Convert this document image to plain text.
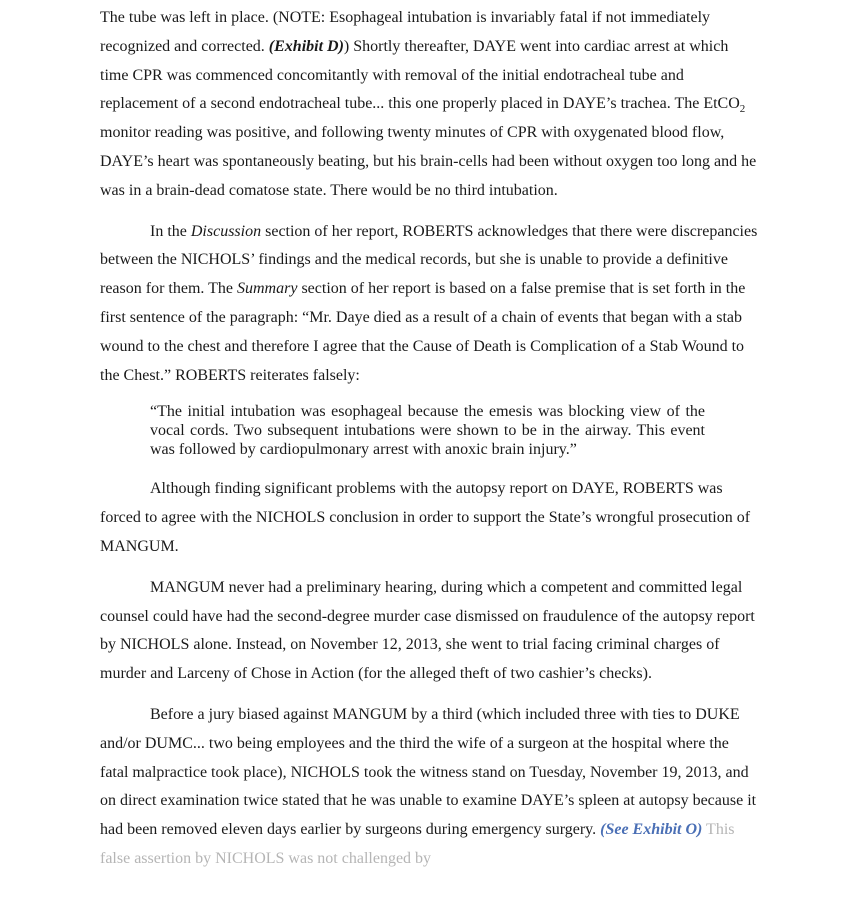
The tube was left in place. (NOTE: Esophageal intubation is invariably fatal if not immediately recognized and corrected. (Exhibit D)) Shortly thereafter, DAYE went into cardiac arrest at which time CPR was commenced concomitantly with removal of the initial endotracheal tube and replacement of a second endotracheal tube... this one properly placed in DAYE’s trachea. The EtCO$_2$ monitor reading was positive, and following twenty minutes of CPR with oxygenated blood flow, DAYE’s heart was spontaneously beating, but his brain-cells had been without oxygen too long and he was in a brain-dead comatose state. There would be no third intubation.

In the Discussion section of her report, ROBERTS acknowledges that there were discrepancies between the NICHOLS’ findings and the medical records, but she is unable to provide a definitive reason for them. The Summary section of her report is based on a false premise that is set forth in the first sentence of the paragraph: “Mr. Daye died as a result of a chain of events that began with a stab wound to the chest and therefore I agree that the Cause of Death is Complication of a Stab Wound to the Chest.” ROBERTS reiterates falsely:

“The initial intubation was esophageal because the emesis was blocking view of the vocal cords. Two subsequent intubations were shown to be in the airway. This event was followed by cardiopulmonary arrest with anoxic brain injury.”

Although finding significant problems with the autopsy report on DAYE, ROBERTS was forced to agree with the NICHOLS conclusion in order to support the State’s wrongful prosecution of MANGUM.

MANGUM never had a preliminary hearing, during which a competent and committed legal counsel could have had the second-degree murder case dismissed on fraudulence of the autopsy report by NICHOLS alone. Instead, on November 12, 2013, she went to trial facing criminal charges of murder and Larceny of Chose in Action (for the alleged theft of two cashier’s checks).

Before a jury biased against MANGUM by a third (which included three with ties to DUKE and/or DUMC... two being employees and the third the wife of a surgeon at the hospital where the fatal malpractice took place), NICHOLS took the witness stand on Tuesday, November 19, 2013, and on direct examination twice stated that he was unable to examine DAYE’s spleen at autopsy because it had been removed eleven days earlier by surgeons during emergency surgery. (See Exhibit O) This false assertion by NICHOLS was not challenged by
